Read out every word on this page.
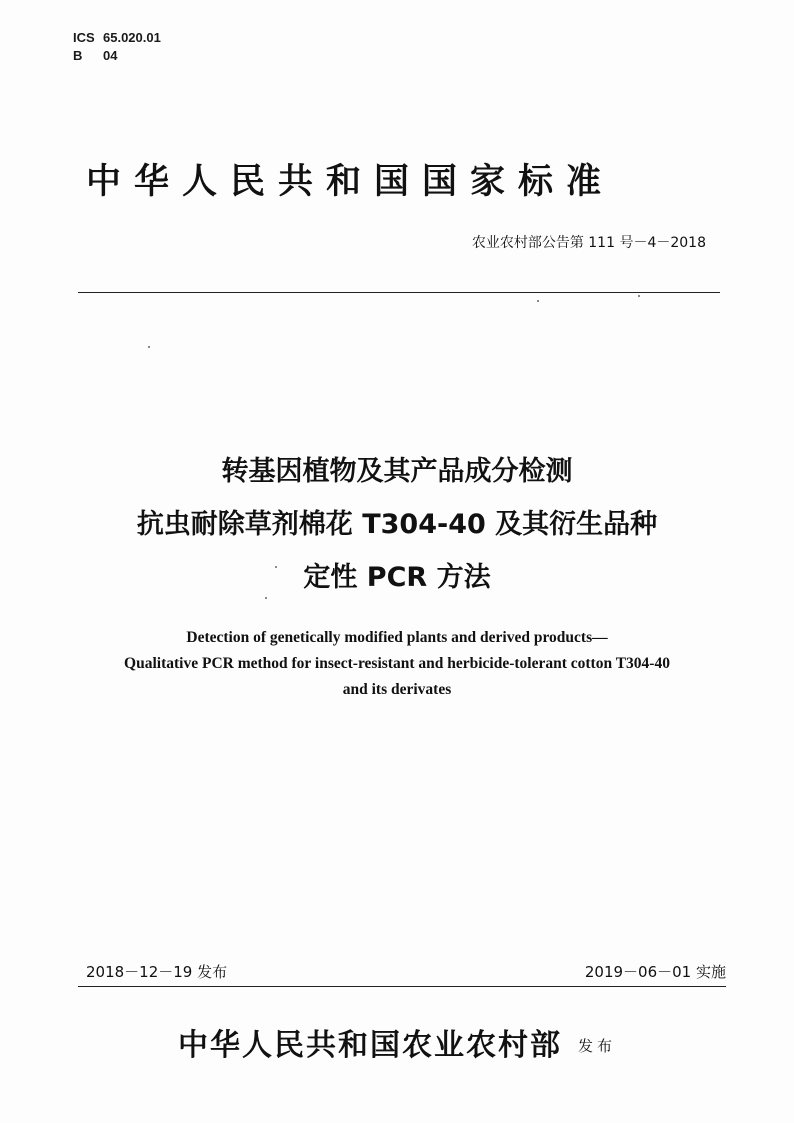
ICS 65.020.01
B 04
中华人民共和国国家标准
农业农村部公告第 111 号－4－2018
转基因植物及其产品成分检测
抗虫耐除草剂棉花 T304-40 及其衍生品种
定性 PCR 方法
Detection of genetically modified plants and derived products—
Qualitative PCR method for insect-resistant and herbicide-tolerant cotton T304-40
and its derivates
2018－12－19 发布	2019－06－01 实施
中华人民共和国农业农村部 发布
